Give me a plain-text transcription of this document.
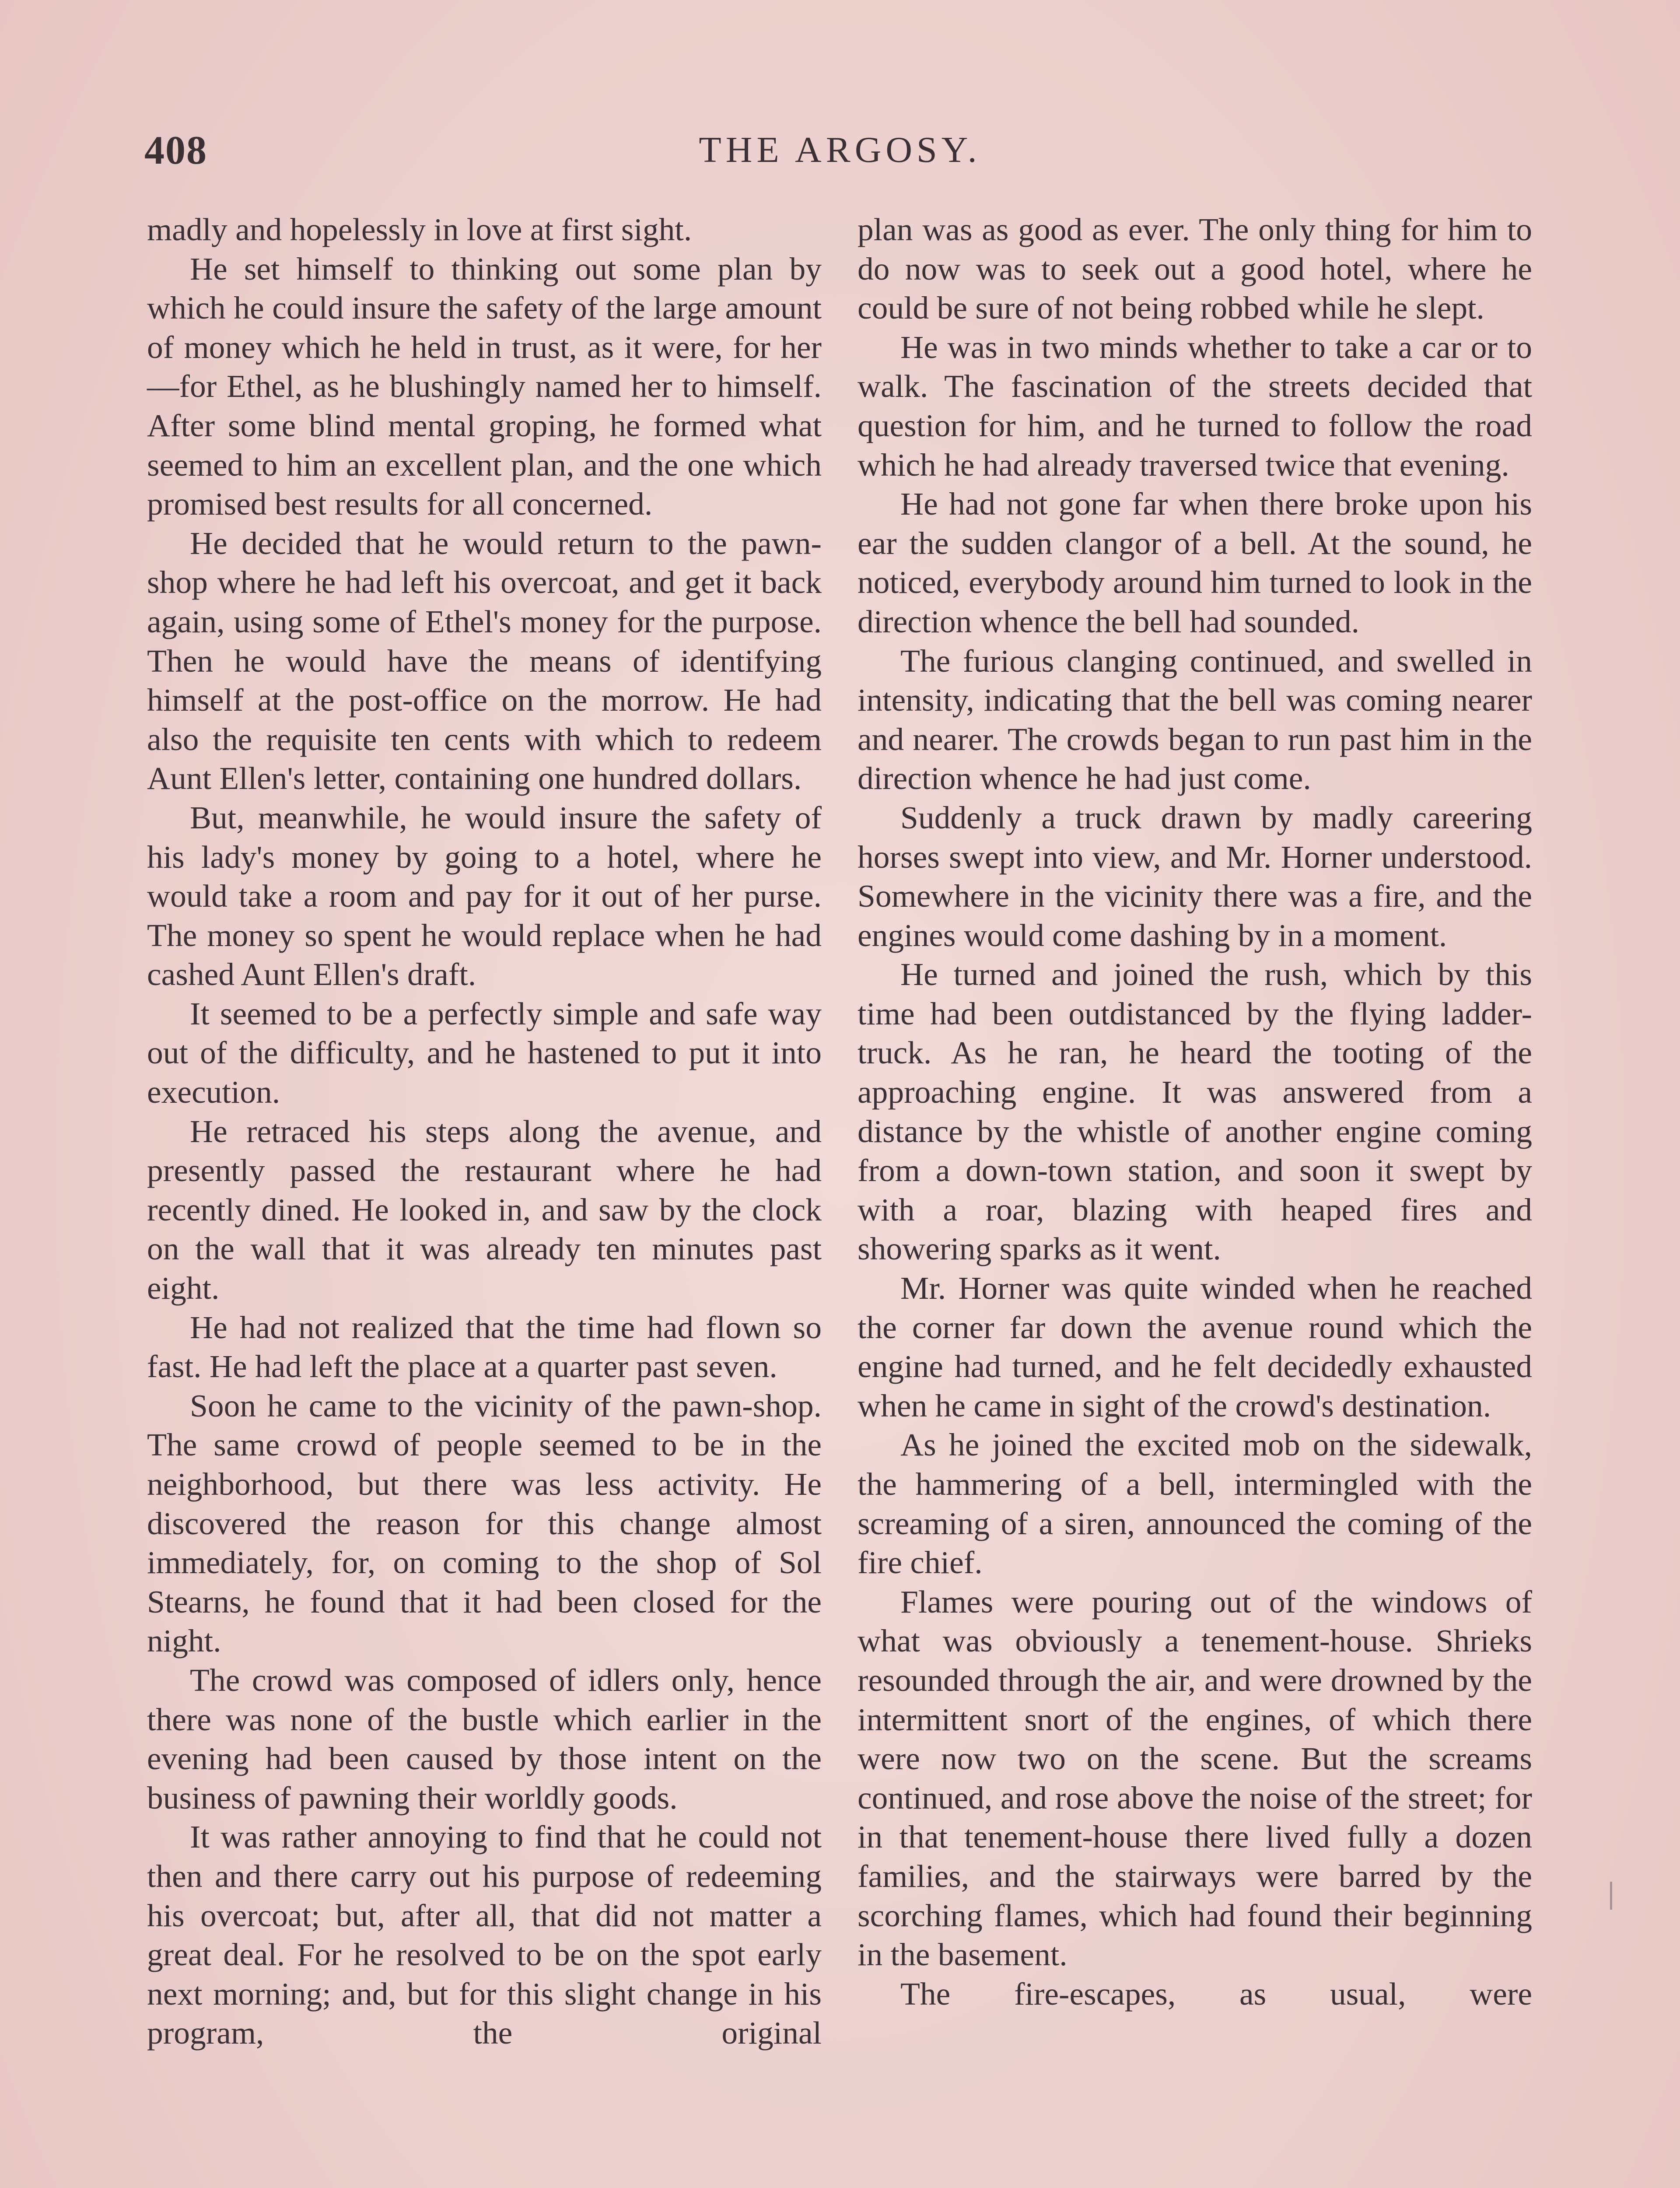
408	THE ARGOSY.

madly and hopelessly in love at first sight.

He set himself to thinking out some plan by which he could insure the safety of the large amount of money which he held in trust, as it were, for her—for Ethel, as he blushingly named her to himself. After some blind mental groping, he formed what seemed to him an excellent plan, and the one which promised best results for all concerned.

He decided that he would return to the pawn-shop where he had left his overcoat, and get it back again, using some of Ethel's money for the purpose. Then he would have the means of identifying himself at the post-office on the morrow. He had also the requisite ten cents with which to redeem Aunt Ellen's letter, containing one hundred dollars.

But, meanwhile, he would insure the safety of his lady's money by going to a hotel, where he would take a room and pay for it out of her purse. The money so spent he would replace when he had cashed Aunt Ellen's draft.

It seemed to be a perfectly simple and safe way out of the difficulty, and he hastened to put it into execution.

He retraced his steps along the avenue, and presently passed the restaurant where he had recently dined. He looked in, and saw by the clock on the wall that it was already ten minutes past eight.

He had not realized that the time had flown so fast. He had left the place at a quarter past seven.

Soon he came to the vicinity of the pawn-shop. The same crowd of people seemed to be in the neighborhood, but there was less activity. He discovered the reason for this change almost immediately, for, on coming to the shop of Sol Stearns, he found that it had been closed for the night.

The crowd was composed of idlers only, hence there was none of the bustle which earlier in the evening had been caused by those intent on the business of pawning their worldly goods.

It was rather annoying to find that he could not then and there carry out his purpose of redeeming his overcoat; but, after all, that did not matter a great deal. For he resolved to be on the spot early next morning; and, but for this slight change in his program, the original

plan was as good as ever. The only thing for him to do now was to seek out a good hotel, where he could be sure of not being robbed while he slept.

He was in two minds whether to take a car or to walk. The fascination of the streets decided that question for him, and he turned to follow the road which he had already traversed twice that evening.

He had not gone far when there broke upon his ear the sudden clangor of a bell. At the sound, he noticed, everybody around him turned to look in the direction whence the bell had sounded.

The furious clanging continued, and swelled in intensity, indicating that the bell was coming nearer and nearer. The crowds began to run past him in the direction whence he had just come.

Suddenly a truck drawn by madly careering horses swept into view, and Mr. Horner understood. Somewhere in the vicinity there was a fire, and the engines would come dashing by in a moment.

He turned and joined the rush, which by this time had been outdistanced by the flying ladder-truck. As he ran, he heard the tooting of the approaching engine. It was answered from a distance by the whistle of another engine coming from a down-town station, and soon it swept by with a roar, blazing with heaped fires and showering sparks as it went.

Mr. Horner was quite winded when he reached the corner far down the avenue round which the engine had turned, and he felt decidedly exhausted when he came in sight of the crowd's destination.

As he joined the excited mob on the sidewalk, the hammering of a bell, intermingled with the screaming of a siren, announced the coming of the fire chief.

Flames were pouring out of the windows of what was obviously a tenement-house. Shrieks resounded through the air, and were drowned by the intermittent snort of the engines, of which there were now two on the scene. But the screams continued, and rose above the noise of the street; for in that tenement-house there lived fully a dozen families, and the stairways were barred by the scorching flames, which had found their beginning in the basement.

The fire-escapes, as usual, were
